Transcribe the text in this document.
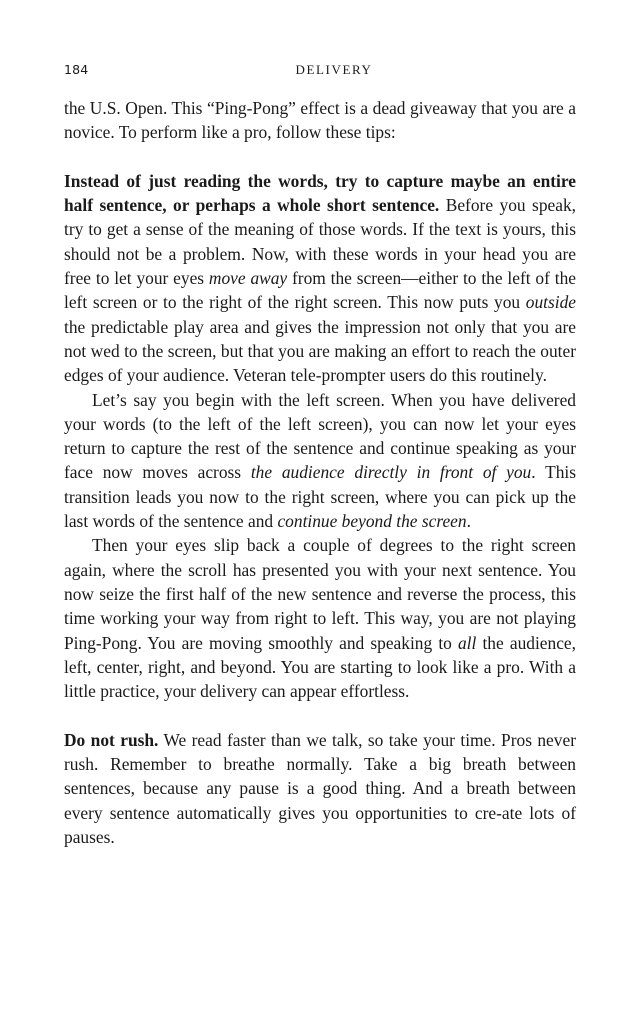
184	DELIVERY

the U.S. Open. This “Ping-Pong” effect is a dead giveaway that you are a novice. To perform like a pro, follow these tips:

Instead of just reading the words, try to capture maybe an entire half sentence, or perhaps a whole short sentence. Before you speak, try to get a sense of the meaning of those words. If the text is yours, this should not be a problem. Now, with these words in your head you are free to let your eyes move away from the screen—either to the left of the left screen or to the right of the right screen. This now puts you outside the predictable play area and gives the impression not only that you are not wed to the screen, but that you are making an effort to reach the outer edges of your audience. Veteran tele-prompter users do this routinely.

Let’s say you begin with the left screen. When you have delivered your words (to the left of the left screen), you can now let your eyes return to capture the rest of the sentence and continue speaking as your face now moves across the audience directly in front of you. This transition leads you now to the right screen, where you can pick up the last words of the sentence and continue beyond the screen.

Then your eyes slip back a couple of degrees to the right screen again, where the scroll has presented you with your next sentence. You now seize the first half of the new sentence and reverse the process, this time working your way from right to left. This way, you are not playing Ping-Pong. You are moving smoothly and speaking to all the audience, left, center, right, and beyond. You are starting to look like a pro. With a little practice, your delivery can appear effortless.

Do not rush. We read faster than we talk, so take your time. Pros never rush. Remember to breathe normally. Take a big breath between sentences, because any pause is a good thing. And a breath between every sentence automatically gives you opportunities to cre-ate lots of pauses.
